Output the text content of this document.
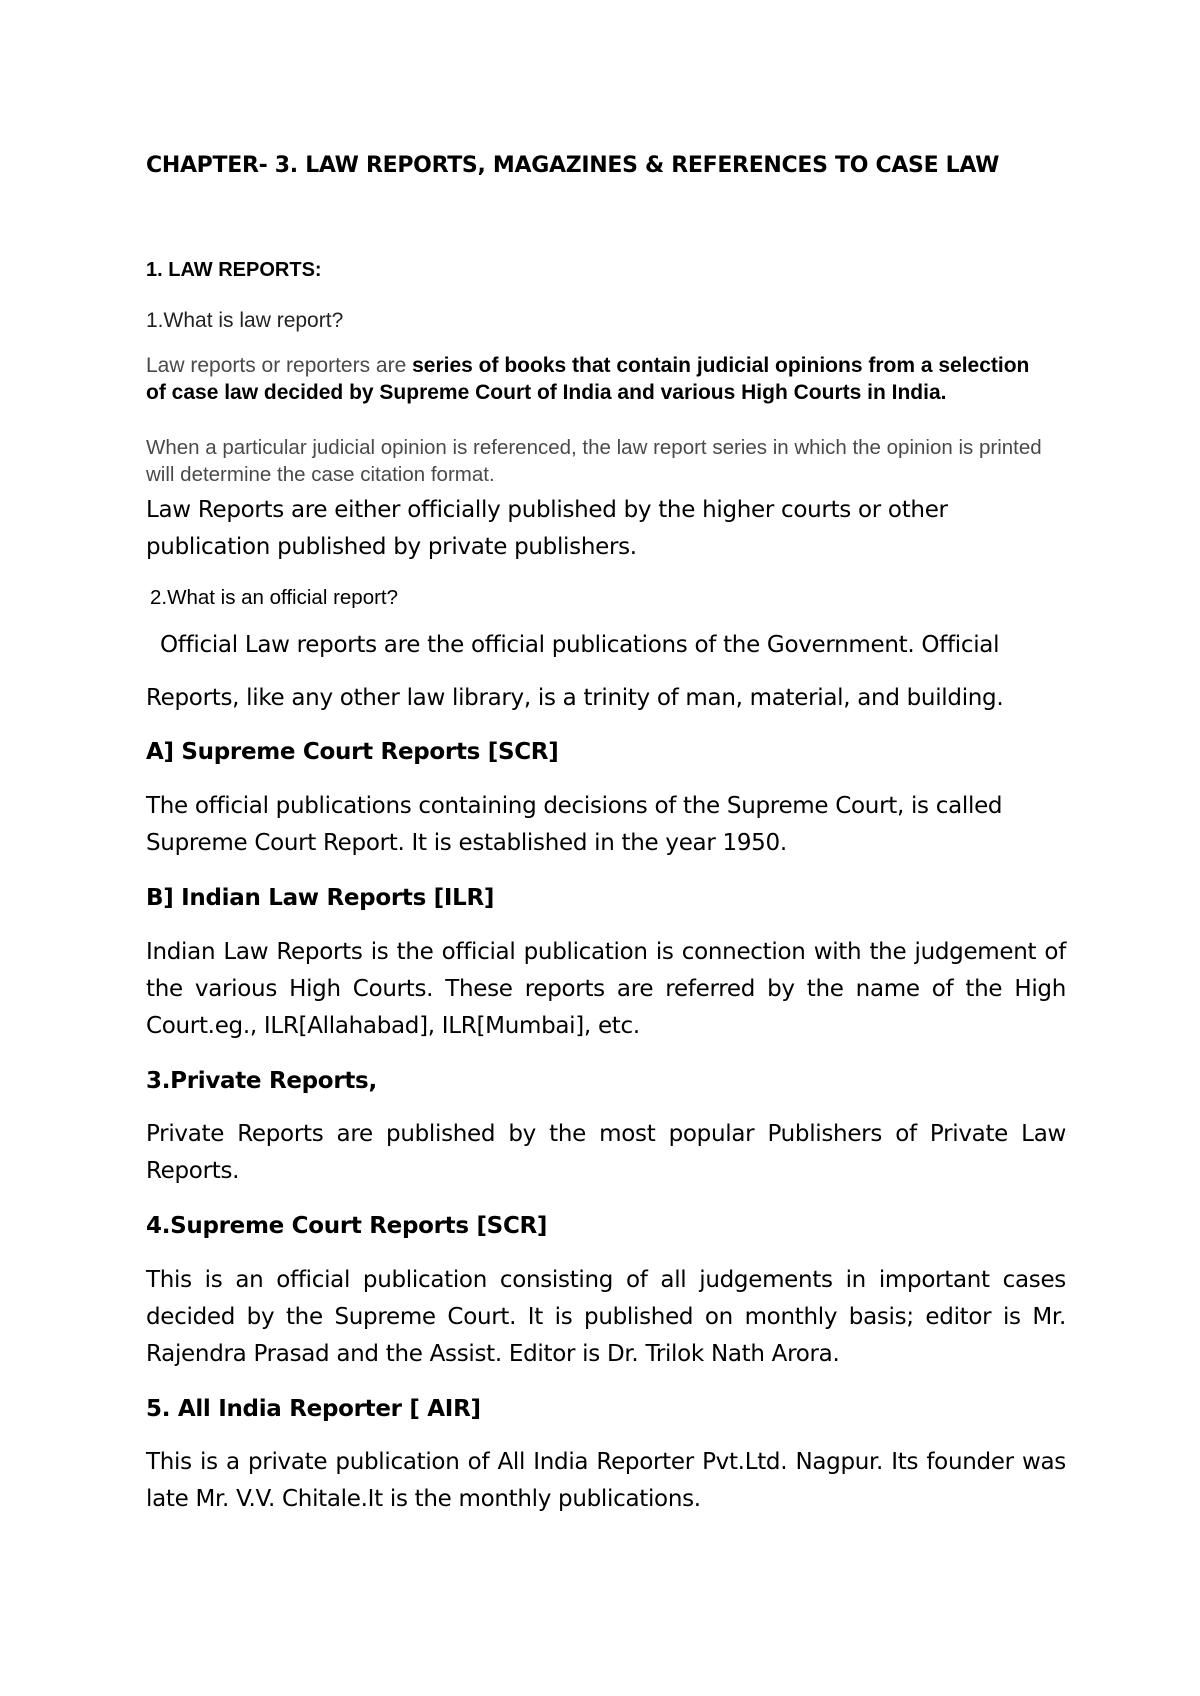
CHAPTER- 3. LAW REPORTS, MAGAZINES & REFERENCES TO CASE LAW

1. LAW REPORTS:

1.What is law report?

Law reports or reporters are series of books that contain judicial opinions from a selection of case law decided by Supreme Court of India and various High Courts in India.

When a particular judicial opinion is referenced, the law report series in which the opinion is printed will determine the case citation format.

Law Reports are either officially published by the higher courts or other publication published by private publishers.

2.What is an official report?

Official Law reports are the official publications of the Government. Official

Reports, like any other law library, is a trinity of man, material, and building.

A] Supreme Court Reports [SCR]

The official publications containing decisions of the Supreme Court, is called Supreme Court Report. It is established in the year 1950.

B] Indian Law Reports [ILR]

Indian Law Reports is the official publication is connection with the judgement of the various High Courts. These reports are referred by the name of the High Court.eg., ILR[Allahabad], ILR[Mumbai], etc.

3.Private Reports,

Private Reports are published by the most popular Publishers of Private Law Reports.

4.Supreme Court Reports [SCR]

This is an official publication consisting of all judgements in important cases decided by the Supreme Court. It is published on monthly basis; editor is Mr. Rajendra Prasad and the Assist. Editor is Dr. Trilok Nath Arora.

5. All India Reporter [ AIR]

This is a private publication of All India Reporter Pvt.Ltd. Nagpur. Its founder was late Mr. V.V. Chitale.It is the monthly publications.
